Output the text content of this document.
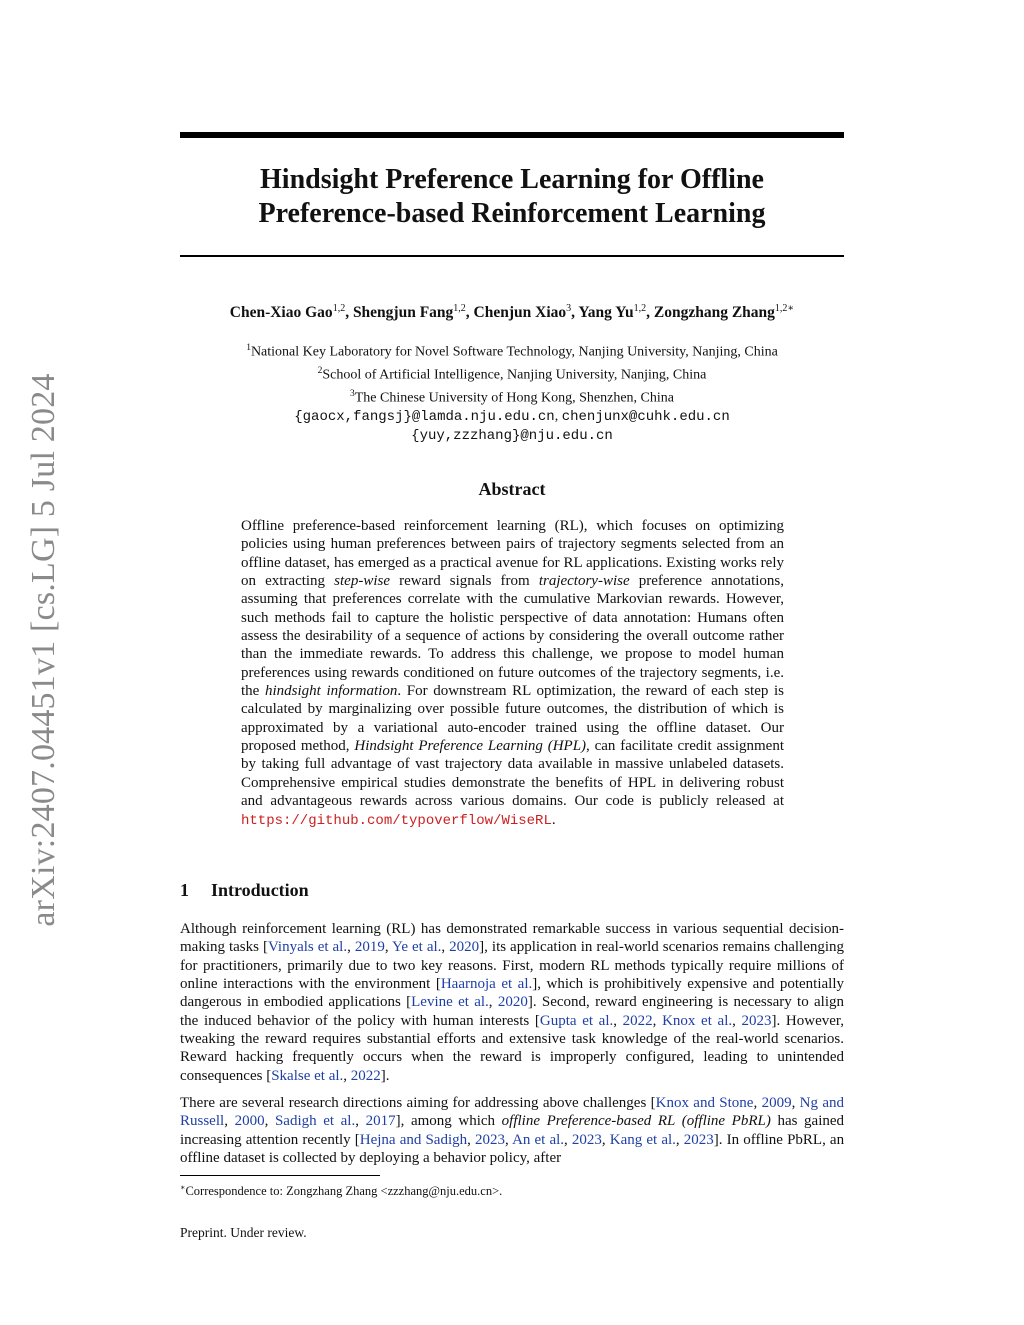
arXiv:2407.04451v1 [cs.LG] 5 Jul 2024
Hindsight Preference Learning for Offline
Preference-based Reinforcement Learning
Chen-Xiao Gao$^{1,2}$, Shengjun Fang$^{1,2}$, Chenjun Xiao$^3$, Yang Yu$^{1,2}$, Zongzhang Zhang$^{1,2∗}$
$^1$National Key Laboratory for Novel Software Technology, Nanjing University, Nanjing, China
$^2$School of Artificial Intelligence, Nanjing University, Nanjing, China
$^3$The Chinese University of Hong Kong, Shenzhen, China
{gaocx,fangsj}@lamda.nju.edu.cn, chenjunx@cuhk.edu.cn
{yuy,zzzhang}@nju.edu.cn
Abstract

Offline preference-based reinforcement learning (RL), which focuses on optimizing policies using human preferences between pairs of trajectory segments selected from an offline dataset, has emerged as a practical avenue for RL applications. Existing works rely on extracting step-wise reward signals from trajectory-wise preference annotations, assuming that preferences correlate with the cumulative Markovian rewards. However, such methods fail to capture the holistic perspective of data annotation: Humans often assess the desirability of a sequence of actions by considering the overall outcome rather than the immediate rewards. To address this challenge, we propose to model human preferences using rewards conditioned on future outcomes of the trajectory segments, i.e. the hindsight information. For downstream RL optimization, the reward of each step is calculated by marginalizing over possible future outcomes, the distribution of which is approximated by a variational auto-encoder trained using the offline dataset. Our proposed method, Hindsight Preference Learning (HPL), can facilitate credit assignment by taking full advantage of vast trajectory data available in massive unlabeled datasets. Comprehensive empirical studies demonstrate the benefits of HPL in delivering robust and advantageous rewards across various domains. Our code is publicly released at https://github.com/typoverflow/WiseRL.

1 Introduction

Although reinforcement learning (RL) has demonstrated remarkable success in various sequential decision-making tasks [Vinyals et al., 2019, Ye et al., 2020], its application in real-world scenarios remains challenging for practitioners, primarily due to two key reasons. First, modern RL methods typically require millions of online interactions with the environment [Haarnoja et al.], which is prohibitively expensive and potentially dangerous in embodied applications [Levine et al., 2020]. Second, reward engineering is necessary to align the induced behavior of the policy with human interests [Gupta et al., 2022, Knox et al., 2023]. However, tweaking the reward requires substantial efforts and extensive task knowledge of the real-world scenarios. Reward hacking frequently occurs when the reward is improperly configured, leading to unintended consequences [Skalse et al., 2022].

There are several research directions aiming for addressing above challenges [Knox and Stone, 2009, Ng and Russell, 2000, Sadigh et al., 2017], among which offline Preference-based RL (offline PbRL) has gained increasing attention recently [Hejna and Sadigh, 2023, An et al., 2023, Kang et al., 2023]. In offline PbRL, an offline dataset is collected by deploying a behavior policy, after

∗Correspondence to: Zongzhang Zhang <zzzhang@nju.edu.cn>.
Preprint. Under review.
